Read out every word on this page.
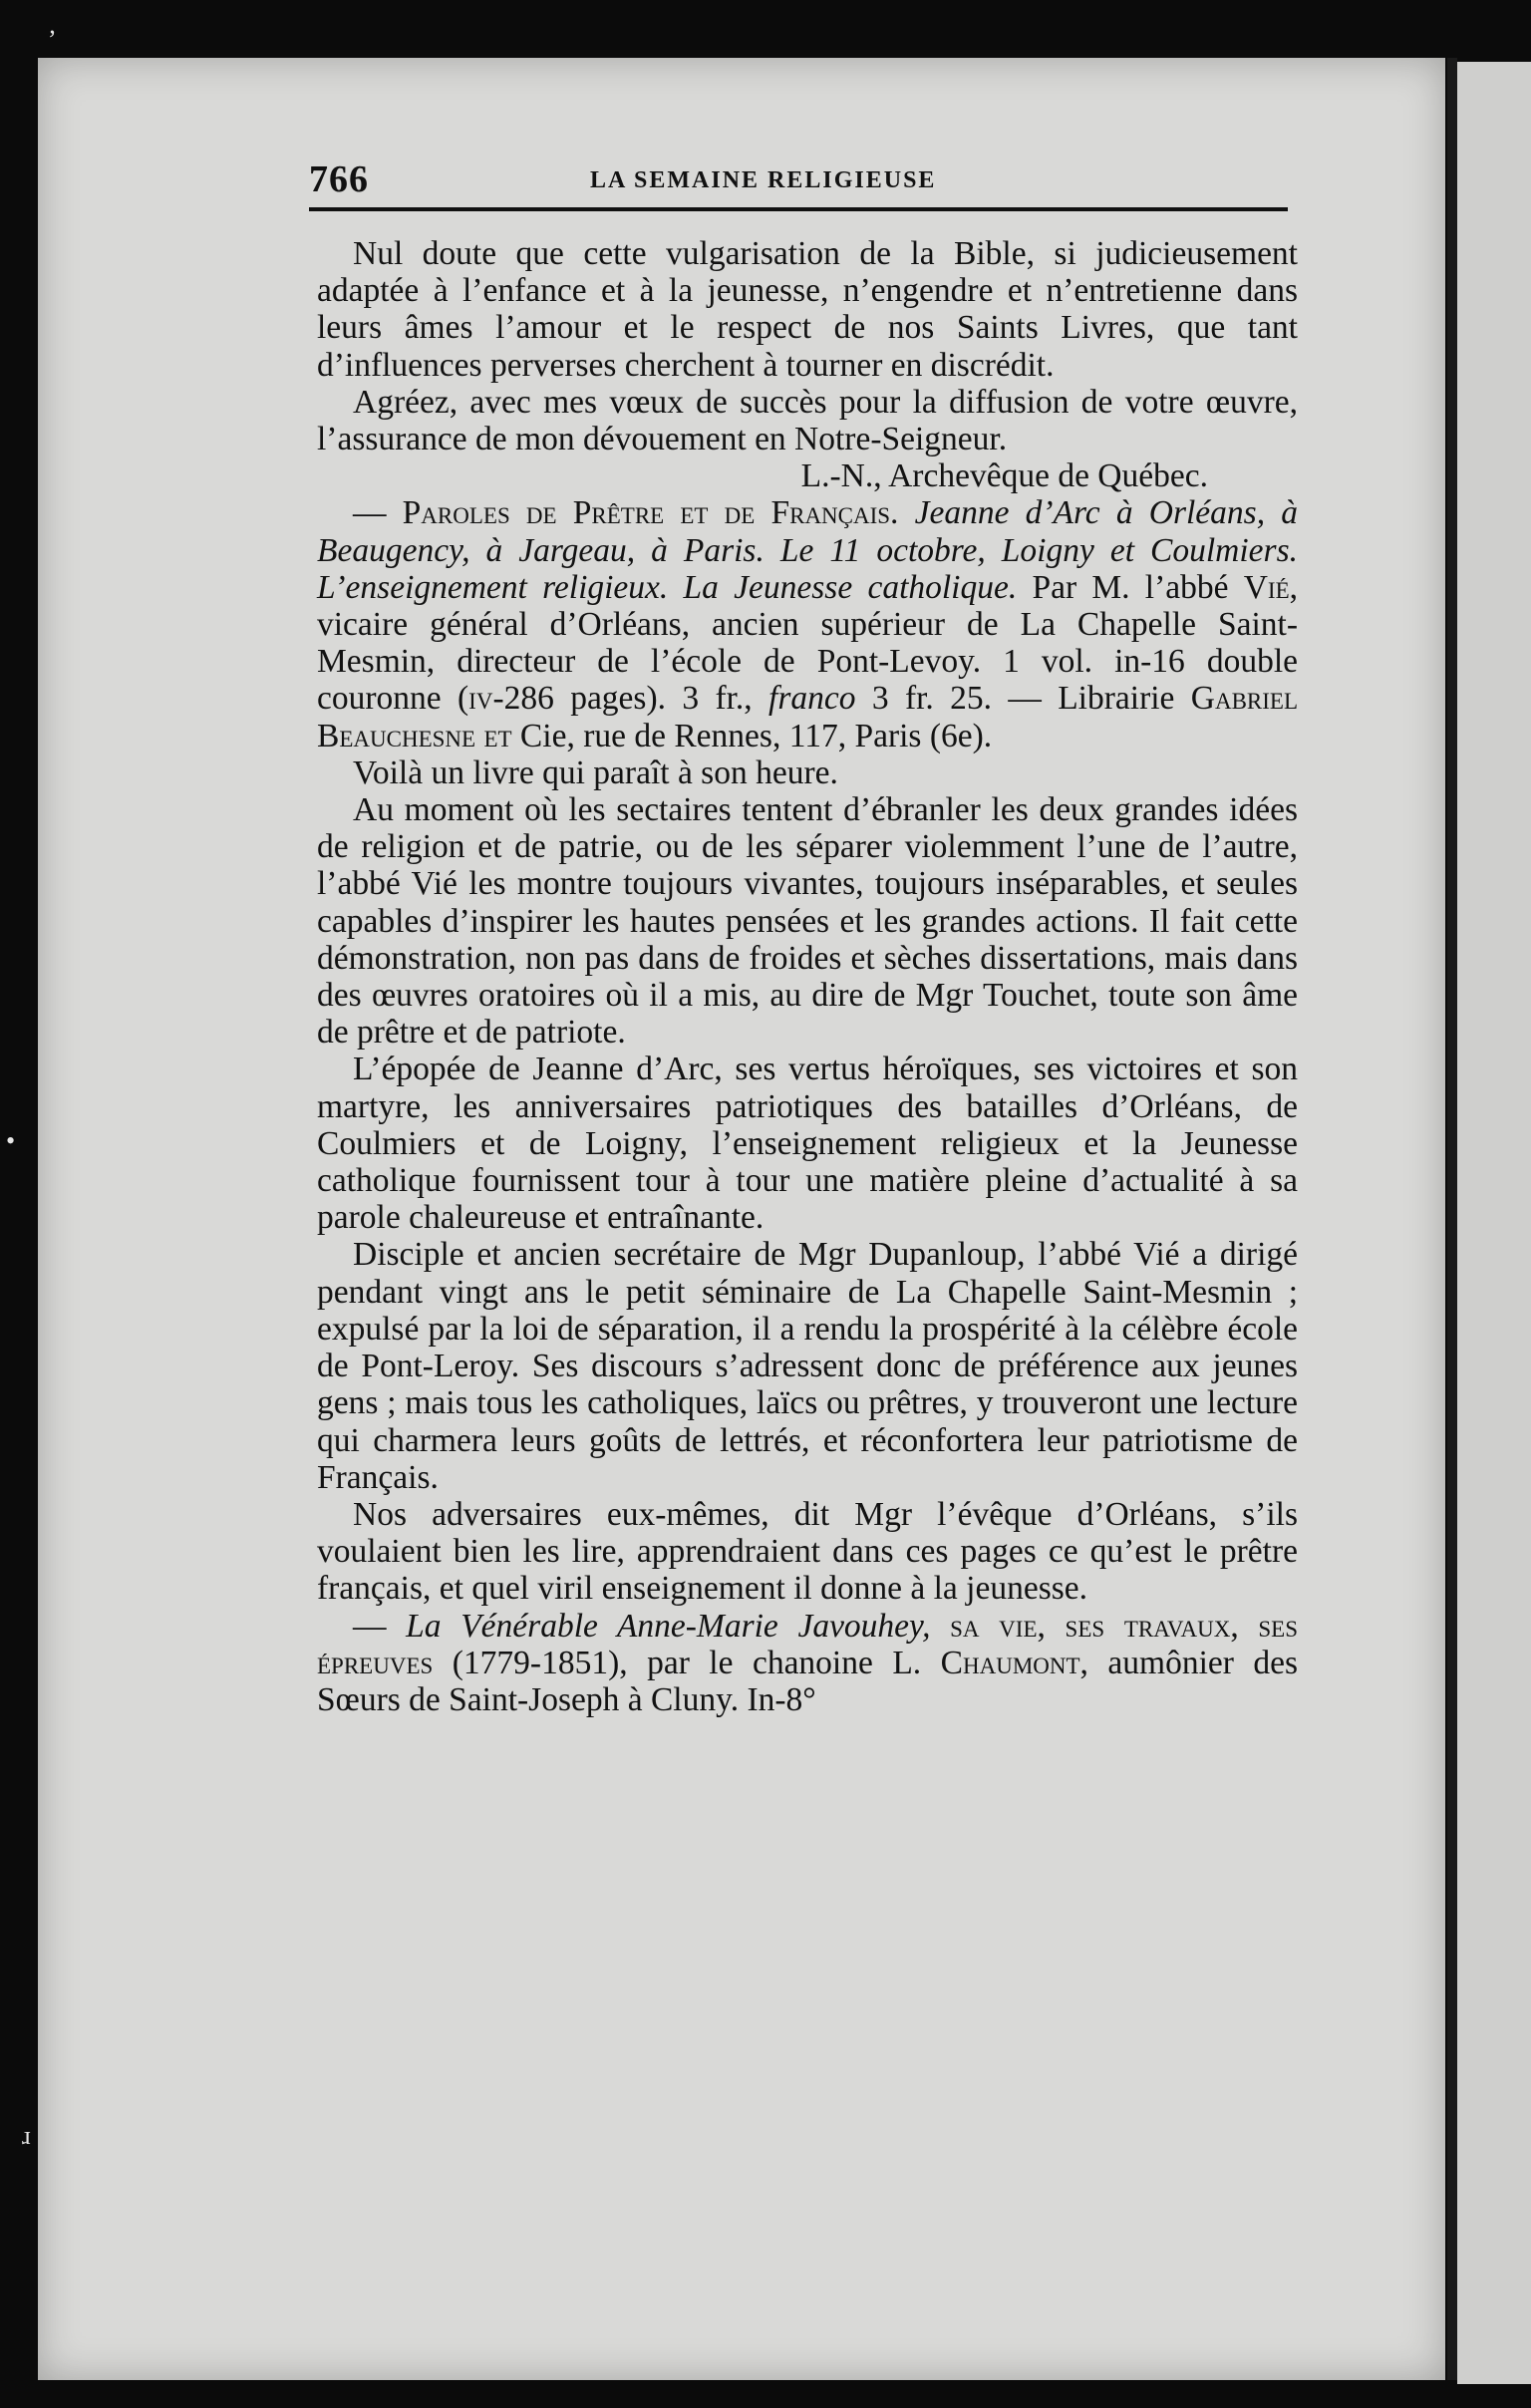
‚
•
ɹ
766	LA SEMAINE RELIGIEUSE

Nul doute que cette vulgarisation de la Bible, si judicieusement adaptée à l’enfance et à la jeunesse, n’engendre et n’entretienne dans leurs âmes l’amour et le respect de nos Saints Livres, que tant d’influences perverses cherchent à tourner en discrédit.

Agréez, avec mes vœux de succès pour la diffusion de votre œuvre, l’assurance de mon dévouement en Notre-Seigneur.

L.-N., Archevêque de Québec.

— Paroles de Prêtre et de Français. Jeanne d’Arc à Orléans, à Beaugency, à Jargeau, à Paris. Le 11 octobre, Loigny et Coulmiers. L’enseignement religieux. La Jeunesse catholique. Par M. l’abbé Vié, vicaire général d’Orléans, ancien supérieur de La Chapelle Saint-Mesmin, directeur de l’école de Pont-Levoy. 1 vol. in-16 double couronne (iv-286 pages). 3 fr., franco 3 fr. 25. — Librairie Gabriel Beauchesne et Cie, rue de Rennes, 117, Paris (6e).

Voilà un livre qui paraît à son heure.

Au moment où les sectaires tentent d’ébranler les deux grandes idées de religion et de patrie, ou de les séparer violemment l’une de l’autre, l’abbé Vié les montre toujours vivantes, toujours inséparables, et seules capables d’inspirer les hautes pensées et les grandes actions. Il fait cette démonstration, non pas dans de froides et sèches dissertations, mais dans des œuvres oratoires où il a mis, au dire de Mgr Touchet, toute son âme de prêtre et de patriote.

L’épopée de Jeanne d’Arc, ses vertus héroïques, ses victoires et son martyre, les anniversaires patriotiques des batailles d’Orléans, de Coulmiers et de Loigny, l’enseignement religieux et la Jeunesse catholique fournissent tour à tour une matière pleine d’actualité à sa parole chaleureuse et entraînante.

Disciple et ancien secrétaire de Mgr Dupanloup, l’abbé Vié a dirigé pendant vingt ans le petit séminaire de La Chapelle Saint-Mesmin ; expulsé par la loi de séparation, il a rendu la prospérité à la célèbre école de Pont-Leroy. Ses discours s’adressent donc de préférence aux jeunes gens ; mais tous les catholiques, laïcs ou prêtres, y trouveront une lecture qui charmera leurs goûts de lettrés, et réconfortera leur patriotisme de Français.

Nos adversaires eux-mêmes, dit Mgr l’évêque d’Orléans, s’ils voulaient bien les lire, apprendraient dans ces pages ce qu’est le prêtre français, et quel viril enseignement il donne à la jeunesse.

— La Vénérable Anne-Marie Javouhey, sa vie, ses travaux, ses épreuves (1779-1851), par le chanoine L. Chaumont, aumônier des Sœurs de Saint-Joseph à Cluny. In-8°
